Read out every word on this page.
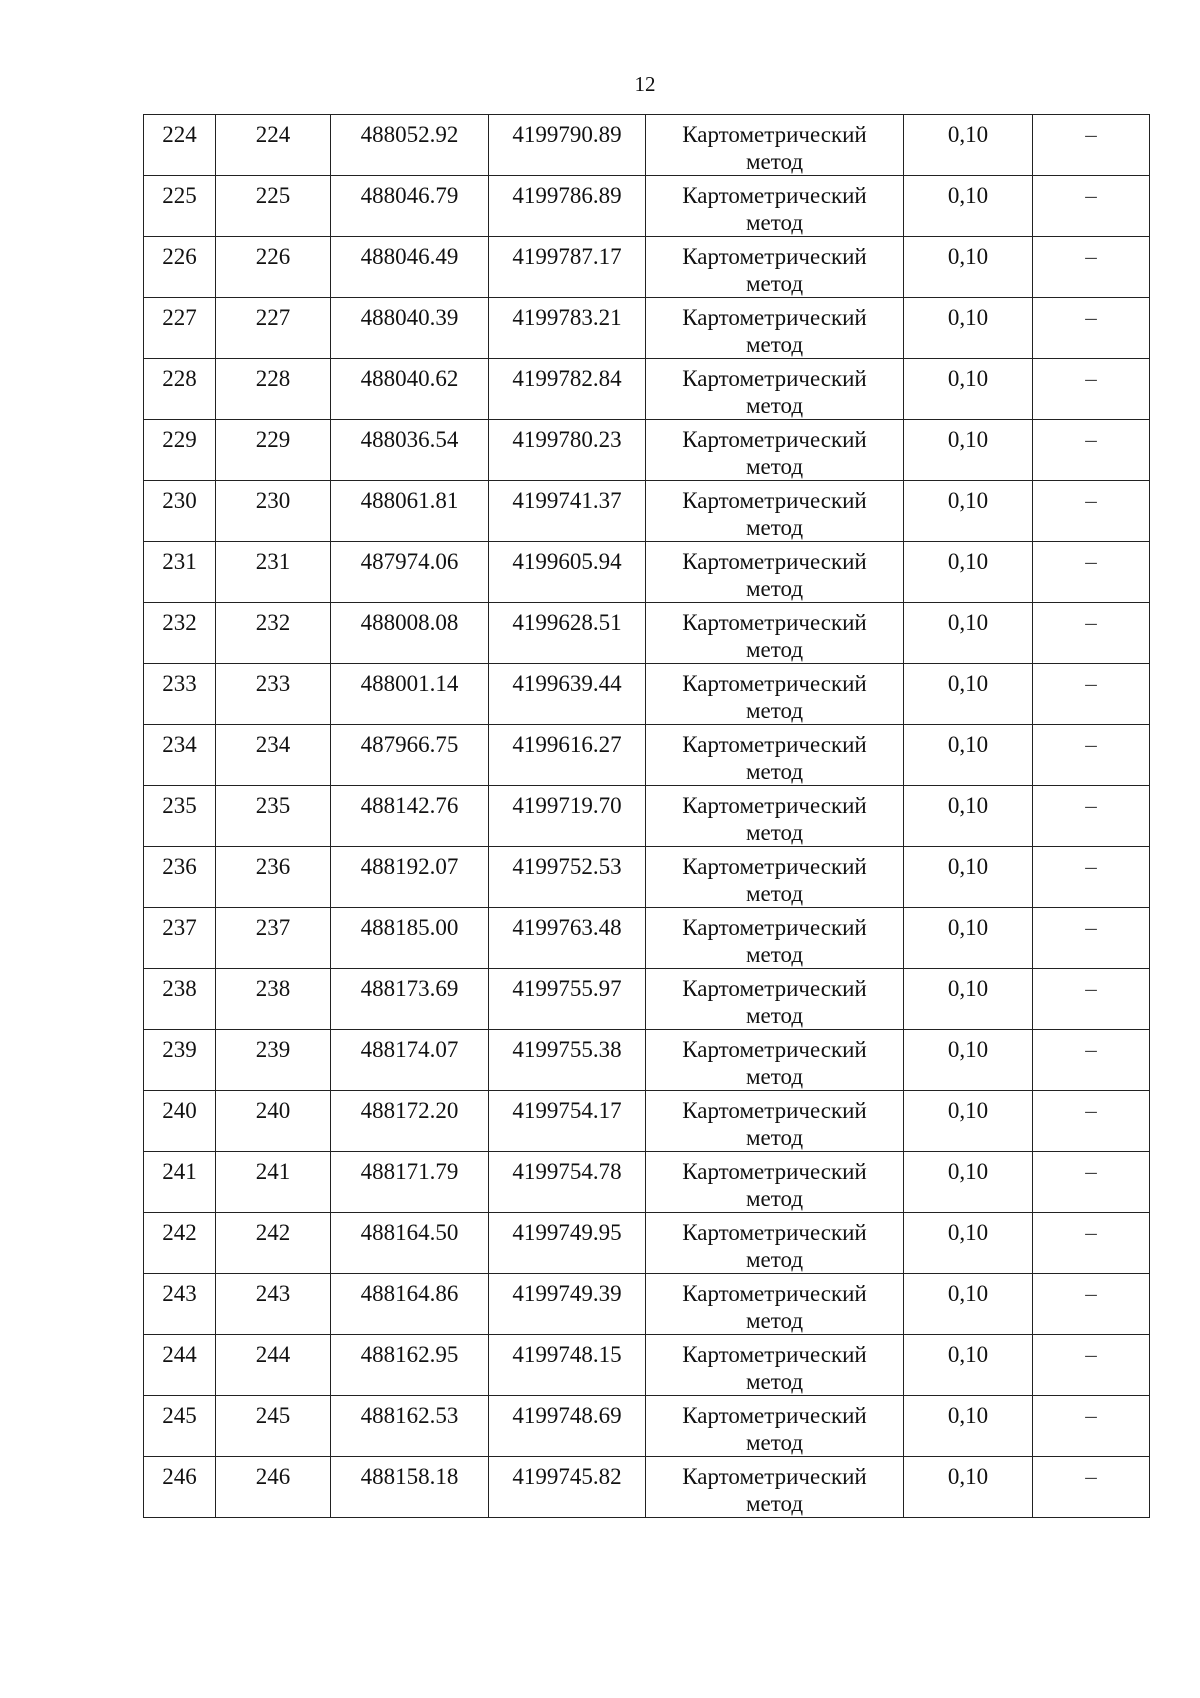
12
224	224	488052.92	4199790.89	Картометрический
метод	0,10	–
225	225	488046.79	4199786.89	Картометрический
метод	0,10	–
226	226	488046.49	4199787.17	Картометрический
метод	0,10	–
227	227	488040.39	4199783.21	Картометрический
метод	0,10	–
228	228	488040.62	4199782.84	Картометрический
метод	0,10	–
229	229	488036.54	4199780.23	Картометрический
метод	0,10	–
230	230	488061.81	4199741.37	Картометрический
метод	0,10	–
231	231	487974.06	4199605.94	Картометрический
метод	0,10	–
232	232	488008.08	4199628.51	Картометрический
метод	0,10	–
233	233	488001.14	4199639.44	Картометрический
метод	0,10	–
234	234	487966.75	4199616.27	Картометрический
метод	0,10	–
235	235	488142.76	4199719.70	Картометрический
метод	0,10	–
236	236	488192.07	4199752.53	Картометрический
метод	0,10	–
237	237	488185.00	4199763.48	Картометрический
метод	0,10	–
238	238	488173.69	4199755.97	Картометрический
метод	0,10	–
239	239	488174.07	4199755.38	Картометрический
метод	0,10	–
240	240	488172.20	4199754.17	Картометрический
метод	0,10	–
241	241	488171.79	4199754.78	Картометрический
метод	0,10	–
242	242	488164.50	4199749.95	Картометрический
метод	0,10	–
243	243	488164.86	4199749.39	Картометрический
метод	0,10	–
244	244	488162.95	4199748.15	Картометрический
метод	0,10	–
245	245	488162.53	4199748.69	Картометрический
метод	0,10	–
246	246	488158.18	4199745.82	Картометрический
метод	0,10	–
